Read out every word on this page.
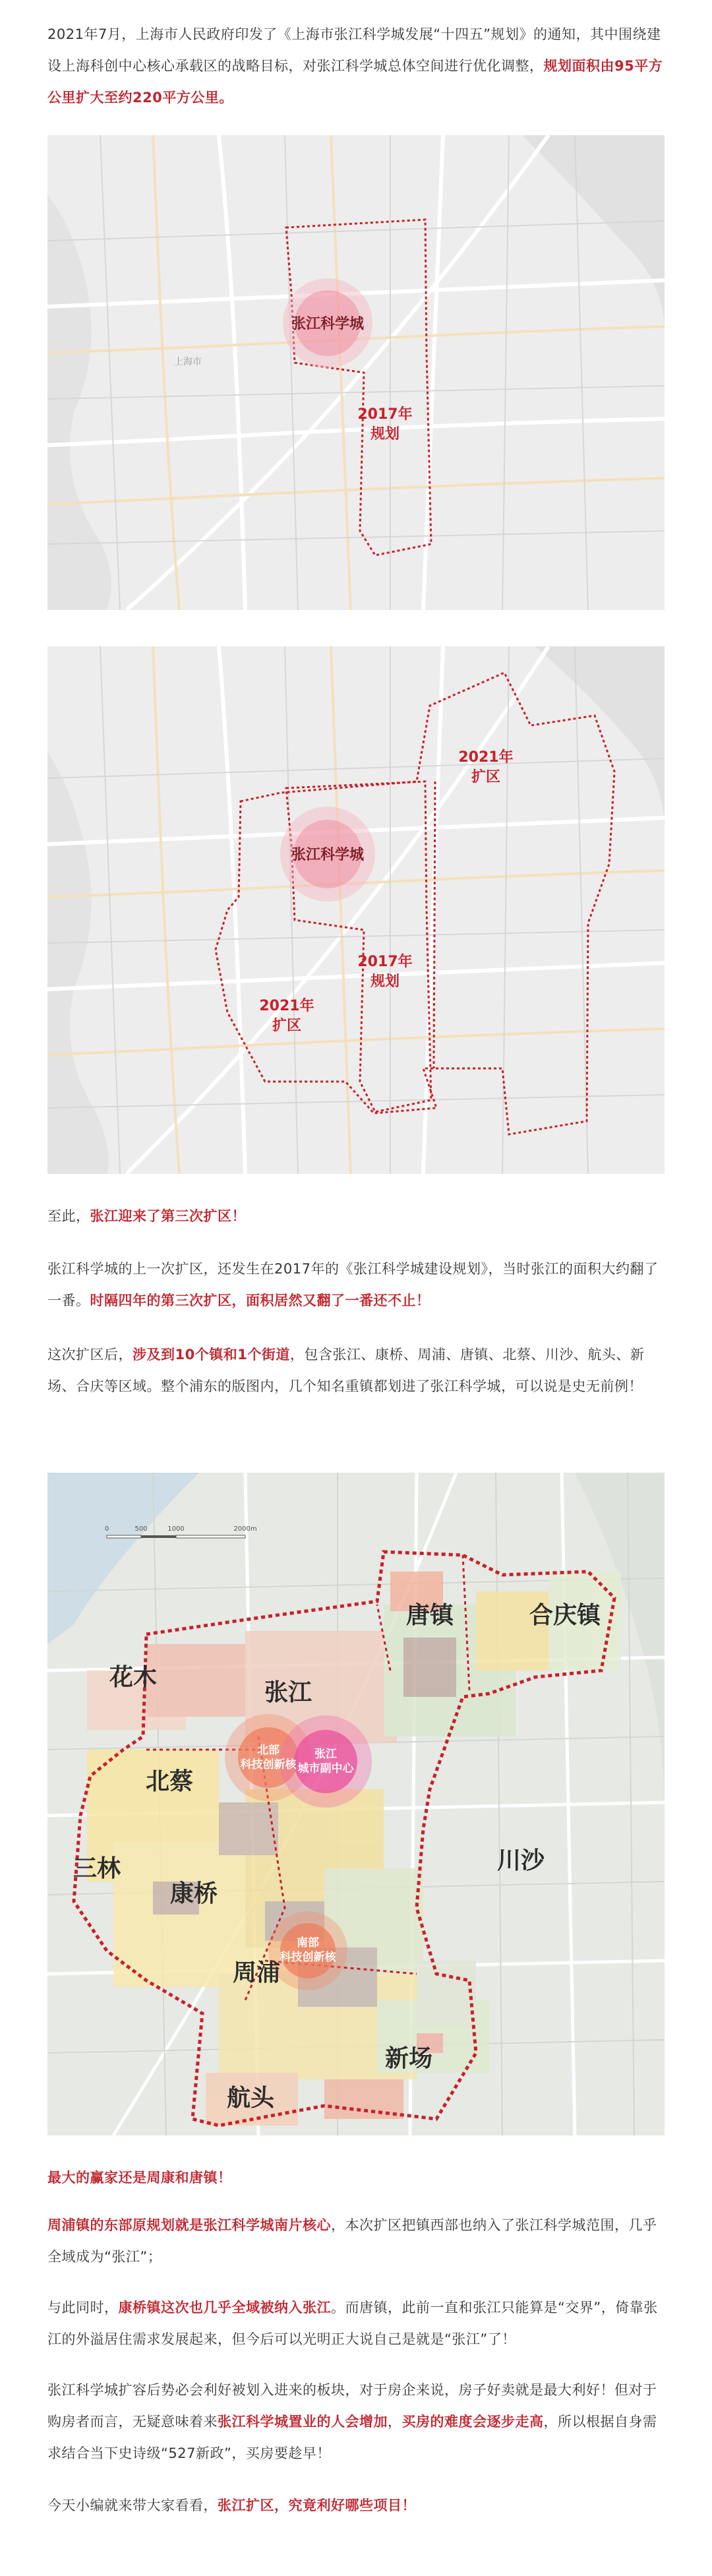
2021年7月，上海市人民政府印发了《上海市张江科学城发展“十四五”规划》的通知，其中围绕建设上海科创中心核心承载区的战略目标，对张江科学城总体空间进行优化调整，规划面积由95平方公里扩大至约220平方公里。

上海市
张江科学城
2017年
规划
张江科学城
2021年
扩区
2017年
规划
2021年
扩区

至此，张江迎来了第三次扩区！

张江科学城的上一次扩区，还发生在2017年的《张江科学城建设规划》，当时张江的面积大约翻了一番。时隔四年的第三次扩区，面积居然又翻了一番还不止！

这次扩区后，涉及到10个镇和1个街道，包含张江、康桥、周浦、唐镇、北蔡、川沙、航头、新场、合庆等区域。整个浦东的版图内，几个知名重镇都划进了张江科学城，可以说是史无前例！

北部
科技创新核
张江
城市副中心
南部
科技创新核
花木
张江
唐镇	合庆镇
北蔡
三林
康桥
川沙
周浦
航头
新场
0	500	1000	2000m

最大的赢家还是周康和唐镇！

周浦镇的东部原规划就是张江科学城南片核心，本次扩区把镇西部也纳入了张江科学城范围，几乎全域成为“张江”；

与此同时，康桥镇这次也几乎全域被纳入张江。而唐镇，此前一直和张江只能算是“交界”，倚靠张江的外溢居住需求发展起来，但今后可以光明正大说自己是就是“张江”了！

张江科学城扩容后势必会利好被划入进来的板块，对于房企来说，房子好卖就是最大利好！但对于购房者而言，无疑意味着来张江科学城置业的人会增加，买房的难度会逐步走高，所以根据自身需求结合当下史诗级“527新政”，买房要趁早！

今天小编就来带大家看看，张江扩区，究竟利好哪些项目！
